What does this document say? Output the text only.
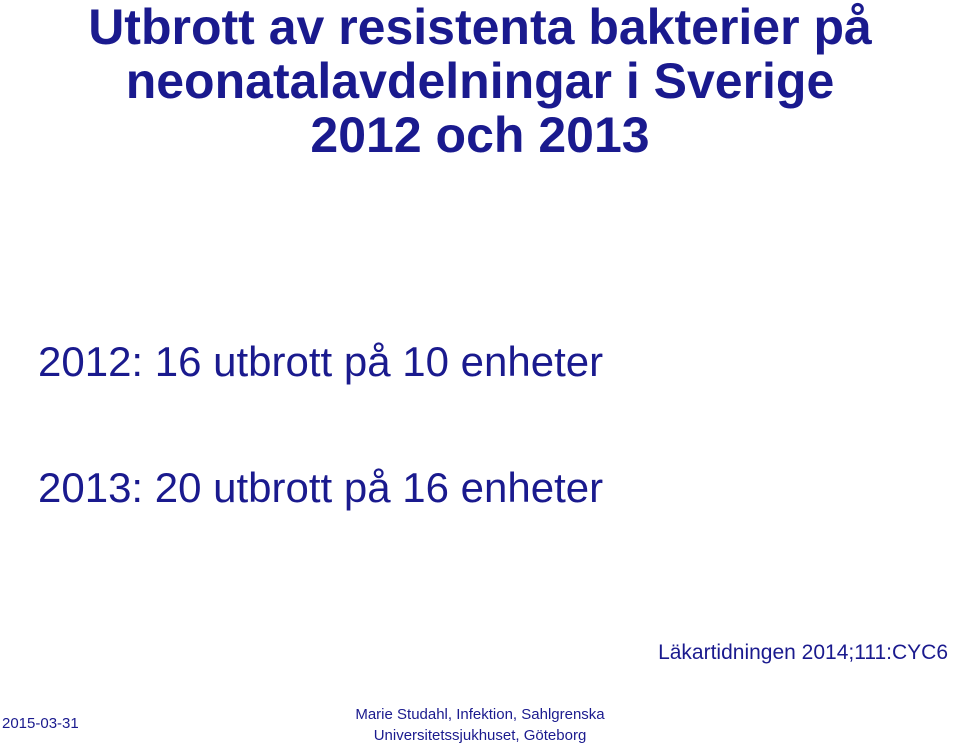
Utbrott av resistenta bakterier på
neonatalavdelningar i Sverige
2012 och 2013
2012: 16 utbrott på 10 enheter
2013: 20 utbrott på 16 enheter
Läkartidningen 2014;111:CYC6
2015-03-31
Marie Studahl, Infektion, Sahlgrenska
Universitetssjukhuset, Göteborg
